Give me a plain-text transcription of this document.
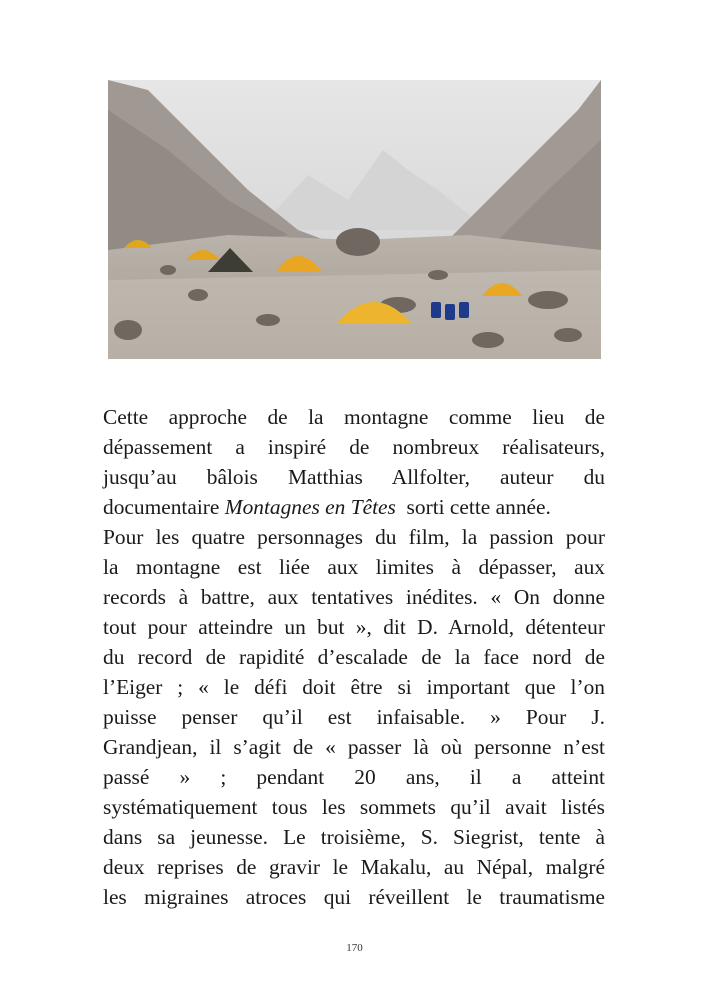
Cette approche de la montagne comme lieu de
dépassement a inspiré de nombreux réalisateurs,
jusqu’au bâlois Matthias Allfolter, auteur du
documentaire Montagnes en Têtes  sorti cette année.
Pour les quatre personnages du film, la passion pour
la montagne est liée aux limites à dépasser, aux
records à battre, aux tentatives inédites. « On donne
tout pour atteindre un but », dit D. Arnold, détenteur
du record de rapidité d’escalade de la face nord de
l’Eiger ; « le défi doit être si important que l’on
puisse penser qu’il est infaisable. » Pour J.
Grandjean, il s’agit de « passer là où personne n’est
passé » ; pendant 20 ans, il a atteint
systématiquement tous les sommets qu’il avait listés
dans sa jeunesse. Le troisième, S. Siegrist, tente à
deux reprises de gravir le Makalu, au Népal, malgré
les migraines atroces qui réveillent le traumatisme
170
